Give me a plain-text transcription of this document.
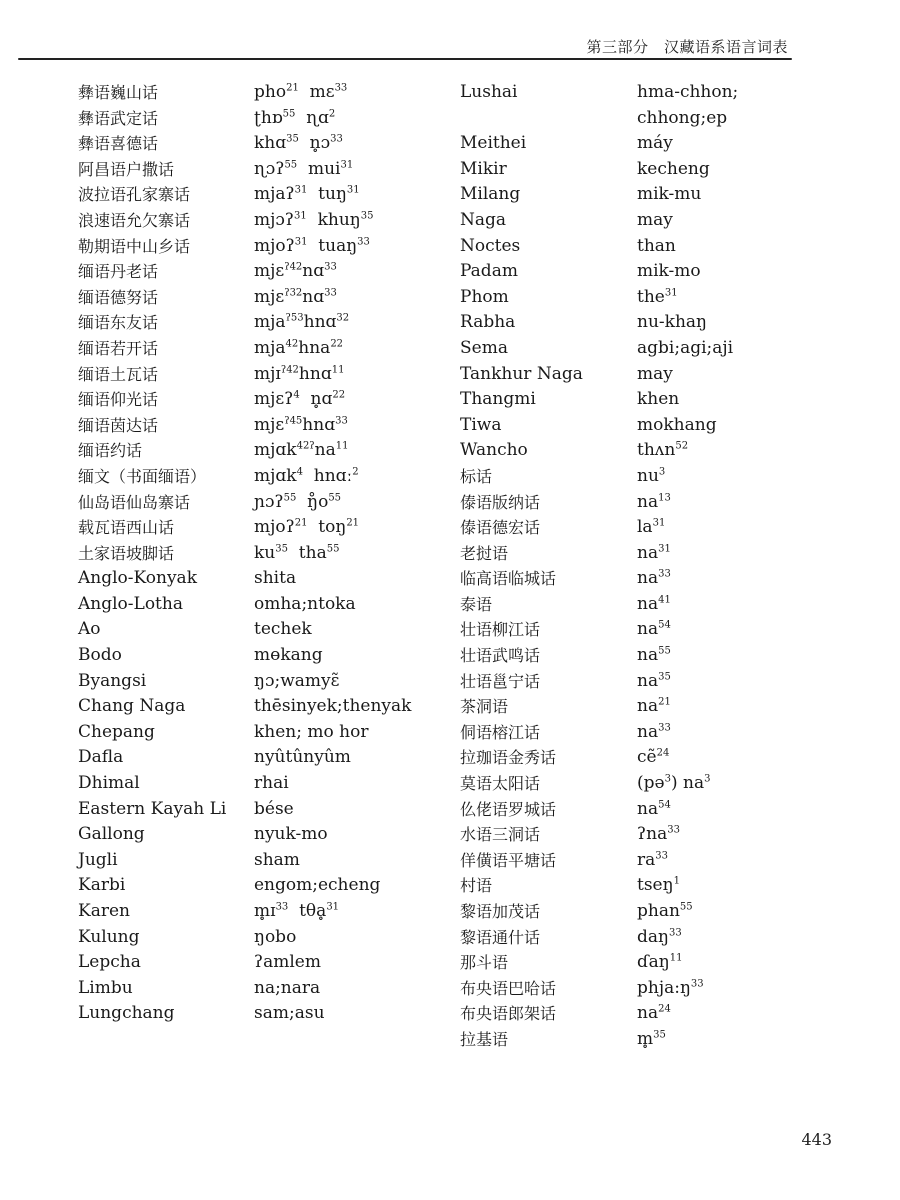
第三部分　汉藏语系语言词表
彝语巍山话
彝语武定话
彝语喜德话
阿昌语户撒话
波拉语孔家寨话
浪速语允欠寨话
勒期语中山乡话
缅语丹老话
缅语德努话
缅语东友话
缅语若开话
缅语土瓦话
缅语仰光话
缅语茵达话
缅语约话
缅文（书面缅语）
仙岛语仙岛寨话
载瓦语西山话
土家语坡脚话
Anglo-Konyak
Anglo-Lotha
Ao
Bodo
Byangsi
Chang Naga
Chepang
Dafla
Dhimal
Eastern Kayah Li
Gallong
Jugli
Karbi
Karen
Kulung
Lepcha
Limbu
Lungchang
pho$^{21}$  mɛ$^{33}$
ʈhɒ$^{55}$  ɳɑ$^2$
khɑ$^{35}$  n̥ɔ$^{33}$
ɳɔʔ$^{55}$  mui$^{31}$
mjaʔ$^{31}$  tuŋ$^{31}$
mjɔʔ$^{31}$  khuŋ$^{35}$
mjoʔ$^{31}$  tuaŋ$^{33}$
mjɛ$^{ʔ42}$nɑ$^{33}$
mjɛ$^{ʔ32}$nɑ$^{33}$
mja$^{ʔ53}$hnɑ$^{32}$
mja$^{42}$hna$^{22}$
mjɪ$^{ʔ42}$hnɑ$^{11}$
mjɛʔ$^4$  n̥ɑ$^{22}$
mjɛ$^{ʔ45}$hnɑ$^{33}$
$mjɑk^{42ʔ}na^{11}$
mjɑk$^4$  hnɑː$^2$
ɲɔʔ$^{55}$  $ŋ̊o^{55}$
mjoʔ$^{21}$  toŋ$^{21}$
$ku^{35}$  tha$^{55}$
shita
omha;ntoka
techek
mɵkang
ŋɔ;wamyɛ̃
thēsinyek;thenyak
khen; mo hor
nyûtûnyûm
rhai
bése
nyuk-mo
sham
engom;echeng
m̥ɪ$^{33}$  tθḁ$^{31}$
ŋobo
ʔamlem
na;nara
sam;asu
Lushai
Meithei
Mikir
Milang
Naga
Noctes
Padam
Phom
Rabha
Sema
Tankhur Naga
Thangmi
Tiwa
Wancho
标话
傣语版纳话
傣语德宏话
老挝语
临高语临城话
泰语
壮语柳江话
壮语武鸣话
壮语邕宁话
茶洞语
侗语榕江话
拉珈语金秀话
莫语太阳话
仫佬语罗城话
水语三洞话
佯僙语平塘话
村语
黎语加茂话
黎语通什话
那斗语
布央语巴哈话
布央语郎架话
拉基语
hma-chhon;
chhong;ep
máy
kecheng
mik-mu
may
than
mik-mo
the$^{31}$
nu-khaŋ
agbi;agi;aji
may
khen
mokhang
thʌn$^{52}$
$nu^3$
$na^{13}$
$la^{31}$
$na^{31}$
$na^{33}$
$na^{41}$
$na^{54}$
$na^{55}$
$na^{35}$
$na^{21}$
$na^{33}$
cẽ$^{24}$
(pə$^3$) $na^3$
$na^{54}$
ʔna$^{33}$
$ra^{33}$
tseŋ$^1$
phan$^{55}$
daŋ$^{33}$
ɗaŋ$^{11}$
$phja:ŋ^{33}$
$na^{24}$
m̥$^{35}$
443
